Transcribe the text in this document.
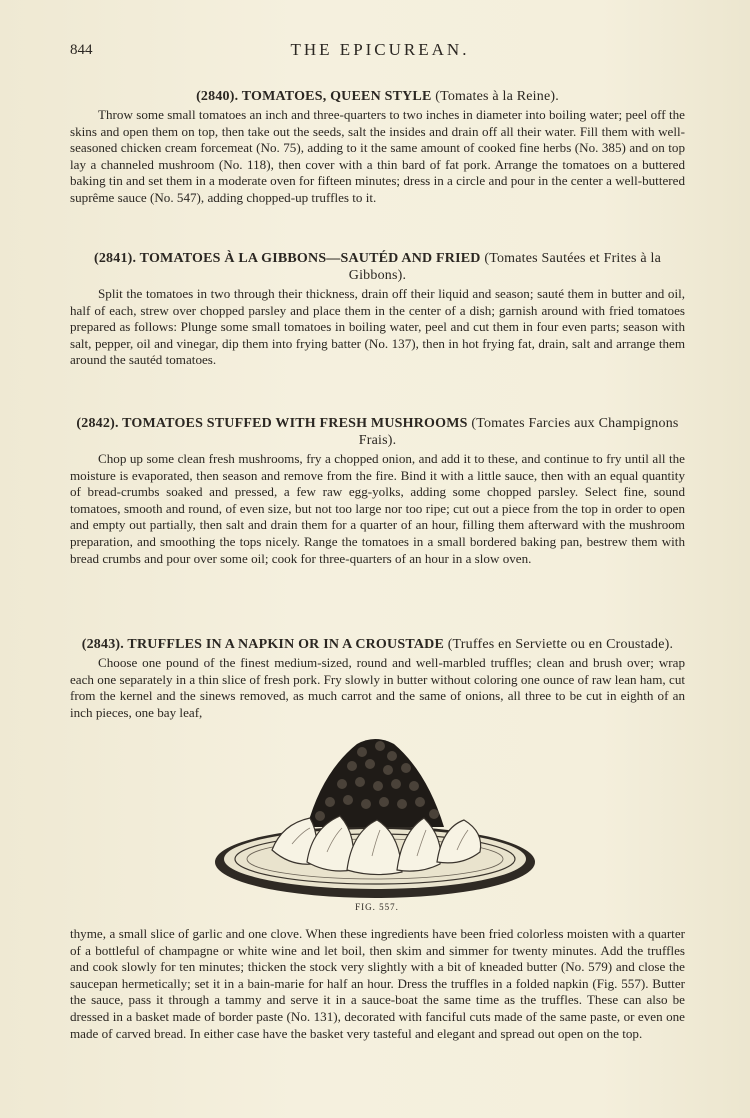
844	THE EPICUREAN.

(2840). TOMATOES, QUEEN STYLE (Tomates à la Reine).

Throw some small tomatoes an inch and three-quarters to two inches in diameter into boiling water; peel off the skins and open them on top, then take out the seeds, salt the insides and drain off all their water. Fill them with well-seasoned chicken cream forcemeat (No. 75), adding to it the same amount of cooked fine herbs (No. 385) and on top lay a channeled mushroom (No. 118), then cover with a thin bard of fat pork. Arrange the tomatoes on a buttered baking tin and set them in a moderate oven for fifteen minutes; dress in a circle and pour in the center a well-buttered suprême sauce (No. 547), adding chopped-up truffles to it.

(2841). TOMATOES À LA GIBBONS—SAUTÉD AND FRIED (Tomates Sautées et Frites à la Gibbons).

Split the tomatoes in two through their thickness, drain off their liquid and season; sauté them in butter and oil, half of each, strew over chopped parsley and place them in the center of a dish; garnish around with fried tomatoes prepared as follows: Plunge some small tomatoes in boiling water, peel and cut them in four even parts; season with salt, pepper, oil and vinegar, dip them into frying batter (No. 137), then in hot frying fat, drain, salt and arrange them around the sautéd tomatoes.

(2842). TOMATOES STUFFED WITH FRESH MUSHROOMS (Tomates Farcies aux Champignons Frais).

Chop up some clean fresh mushrooms, fry a chopped onion, and add it to these, and continue to fry until all the moisture is evaporated, then season and remove from the fire. Bind it with a little sauce, then with an equal quantity of bread-crumbs soaked and pressed, a few raw egg-yolks, adding some chopped parsley. Select fine, sound tomatoes, smooth and round, of even size, but not too large nor too ripe; cut out a piece from the top in order to open and empty out partially, then salt and drain them for a quarter of an hour, filling them afterward with the mushroom preparation, and smoothing the tops nicely. Range the tomatoes in a small bordered baking pan, bestrew them with bread crumbs and pour over some oil; cook for three-quarters of an hour in a slow oven.

(2843). TRUFFLES IN A NAPKIN OR IN A CROUSTADE (Truffes en Serviette ou en Croustade).

Choose one pound of the finest medium-sized, round and well-marbled truffles; clean and brush over; wrap each one separately in a thin slice of fresh pork. Fry slowly in butter without coloring one ounce of raw lean ham, cut from the kernel and the sinews removed, as much carrot and the same of onions, all three to be cut in eighth of an inch pieces, one bay leaf,

FIG. 557.

thyme, a small slice of garlic and one clove. When these ingredients have been fried colorless moisten with a quarter of a bottleful of champagne or white wine and let boil, then skim and simmer for twenty minutes. Add the truffles and cook slowly for ten minutes; thicken the stock very slightly with a bit of kneaded butter (No. 579) and close the saucepan hermetically; set it in a bain-marie for half an hour. Dress the truffles in a folded napkin (Fig. 557). Butter the sauce, pass it through a tammy and serve it in a sauce-boat the same time as the truffles. These can also be dressed in a basket made of border paste (No. 131), decorated with fanciful cuts made of the same paste, or even one made of carved bread. In either case have the basket very tasteful and elegant and spread out open on the top.
